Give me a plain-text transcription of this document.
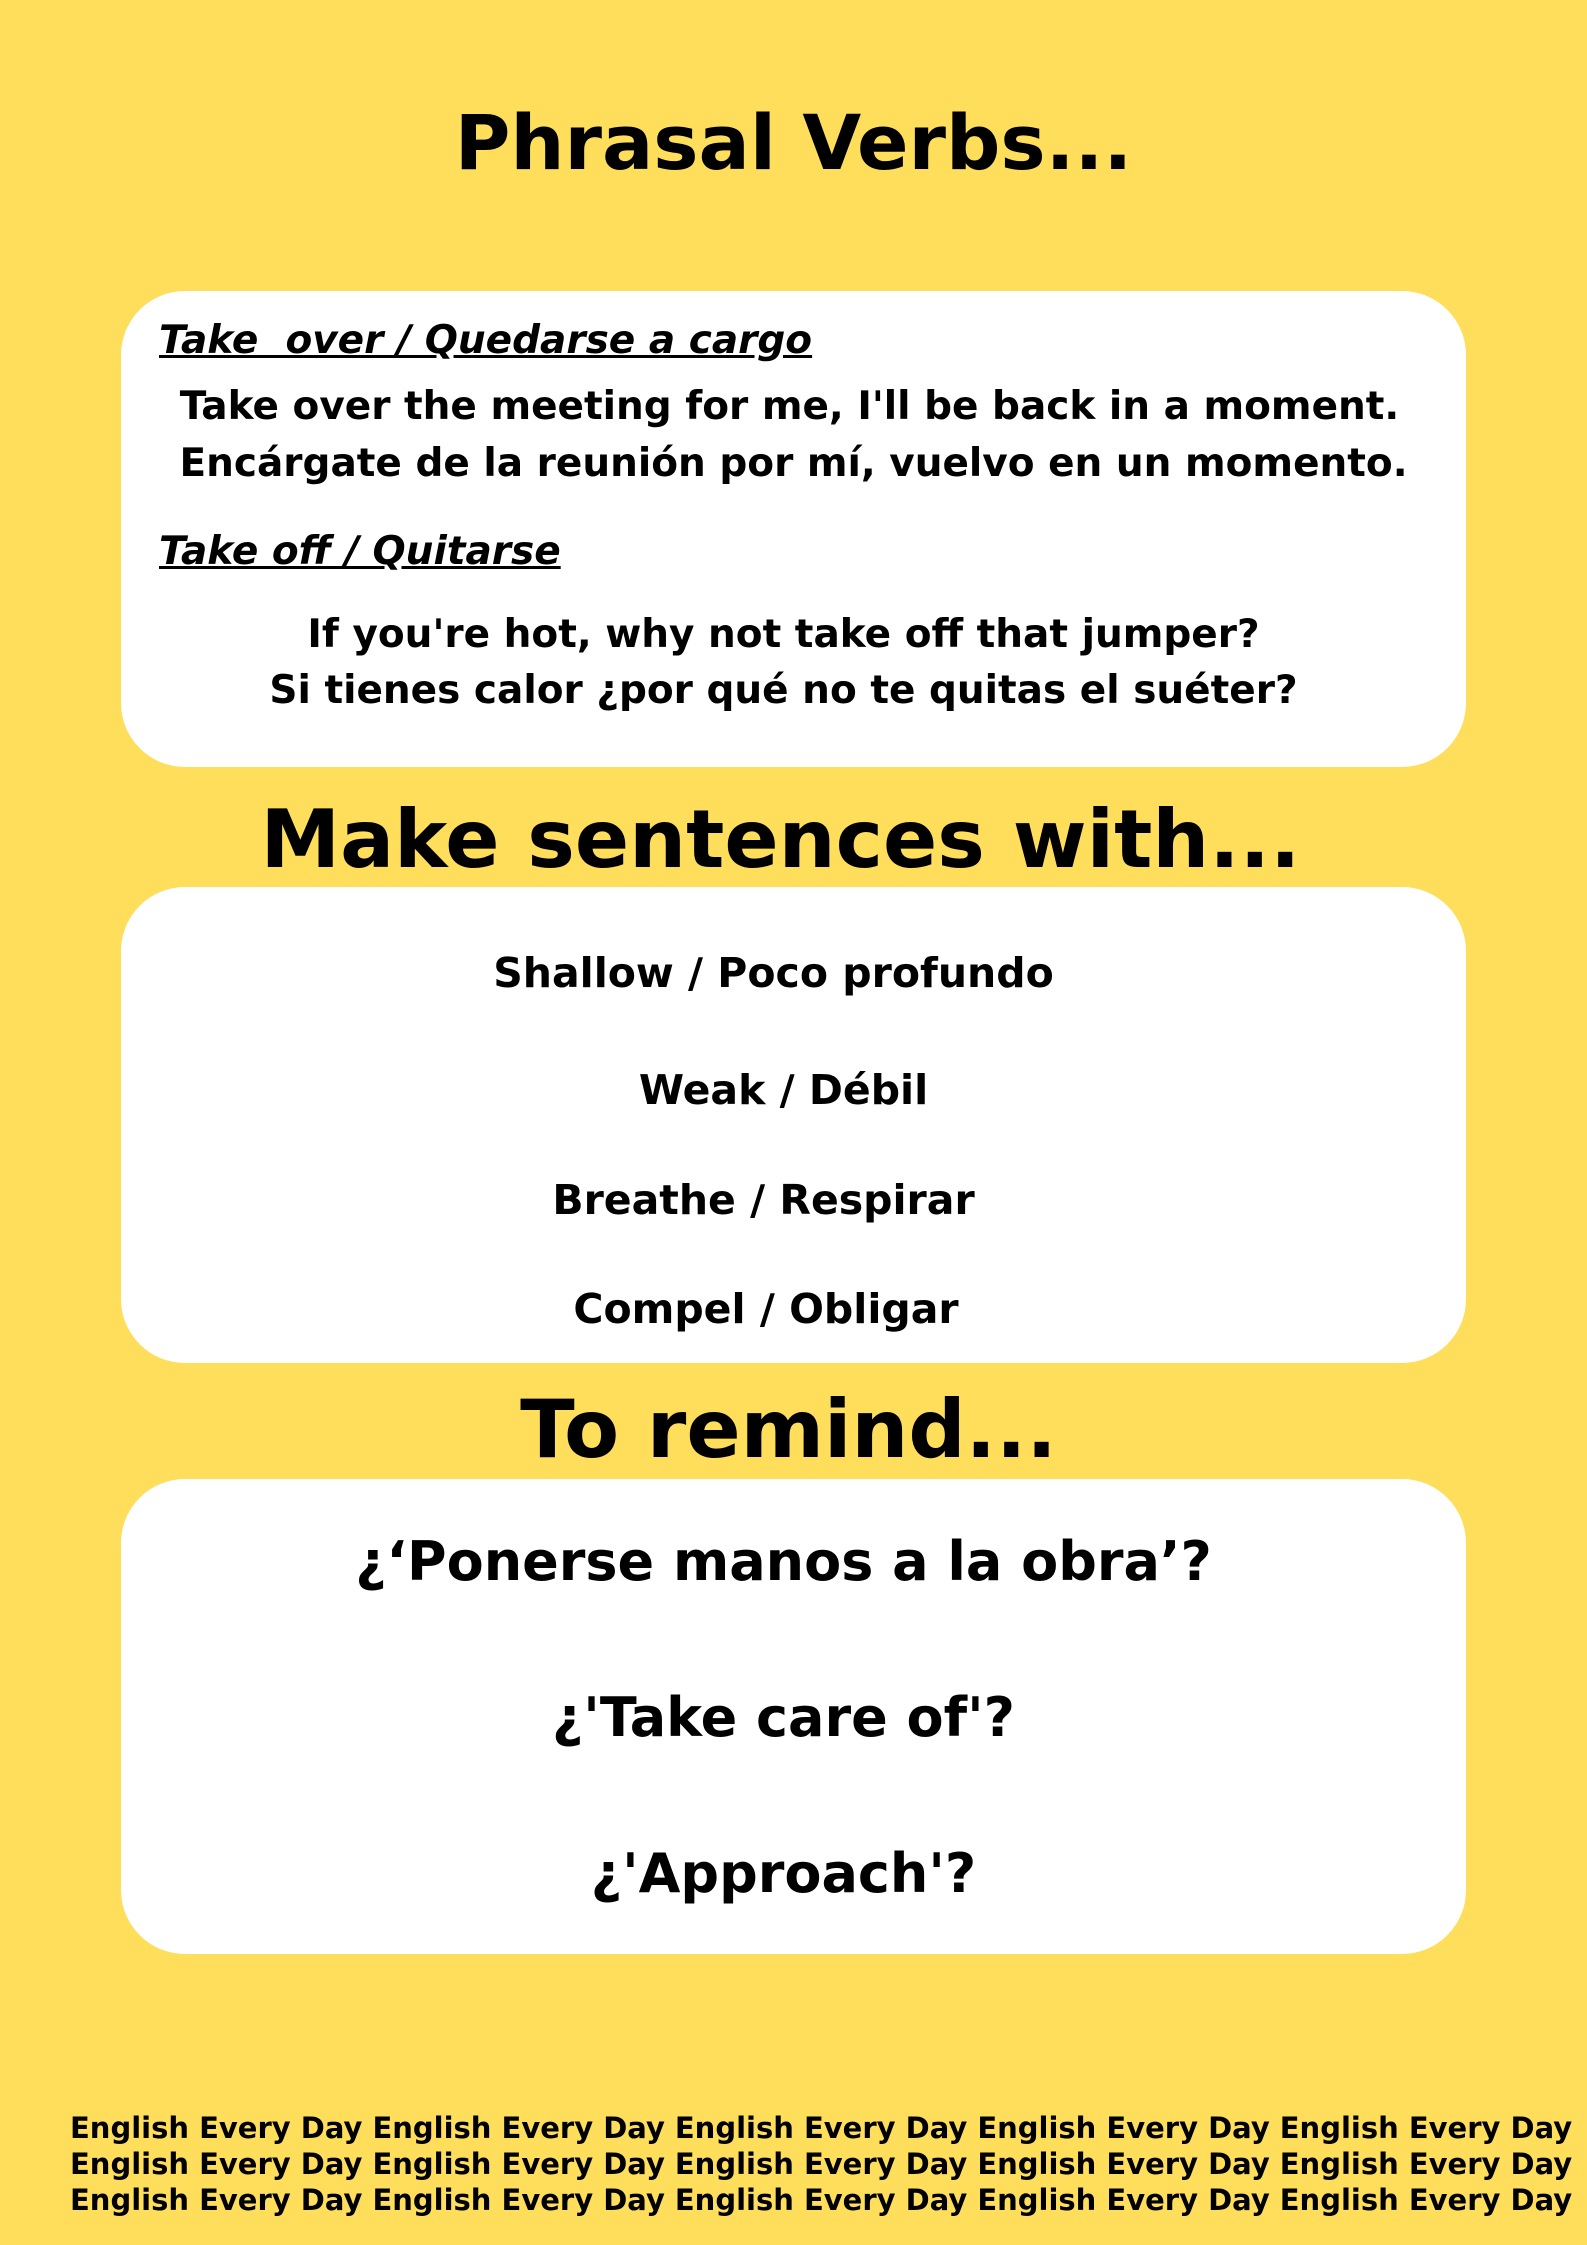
Phrasal Verbs...

Take  over / Quedarse a cargo

Take over the meeting for me, I'll be back in a moment.

Encárgate de la reunión por mí, vuelvo en un momento.

Take off / Quitarse

If you're hot, why not take off that jumper?

Si tienes calor ¿por qué no te quitas el suéter?

Make sentences with...

Shallow / Poco profundo

Weak / Débil

Breathe / Respirar

Compel / Obligar

To remind...

¿‘Ponerse manos a la obra’?

¿'Take care of'?

¿'Approach'?

English Every Day English Every Day English Every Day English Every Day English Every Day
English Every Day English Every Day English Every Day English Every Day English Every Day
English Every Day English Every Day English Every Day English Every Day English Every Day
